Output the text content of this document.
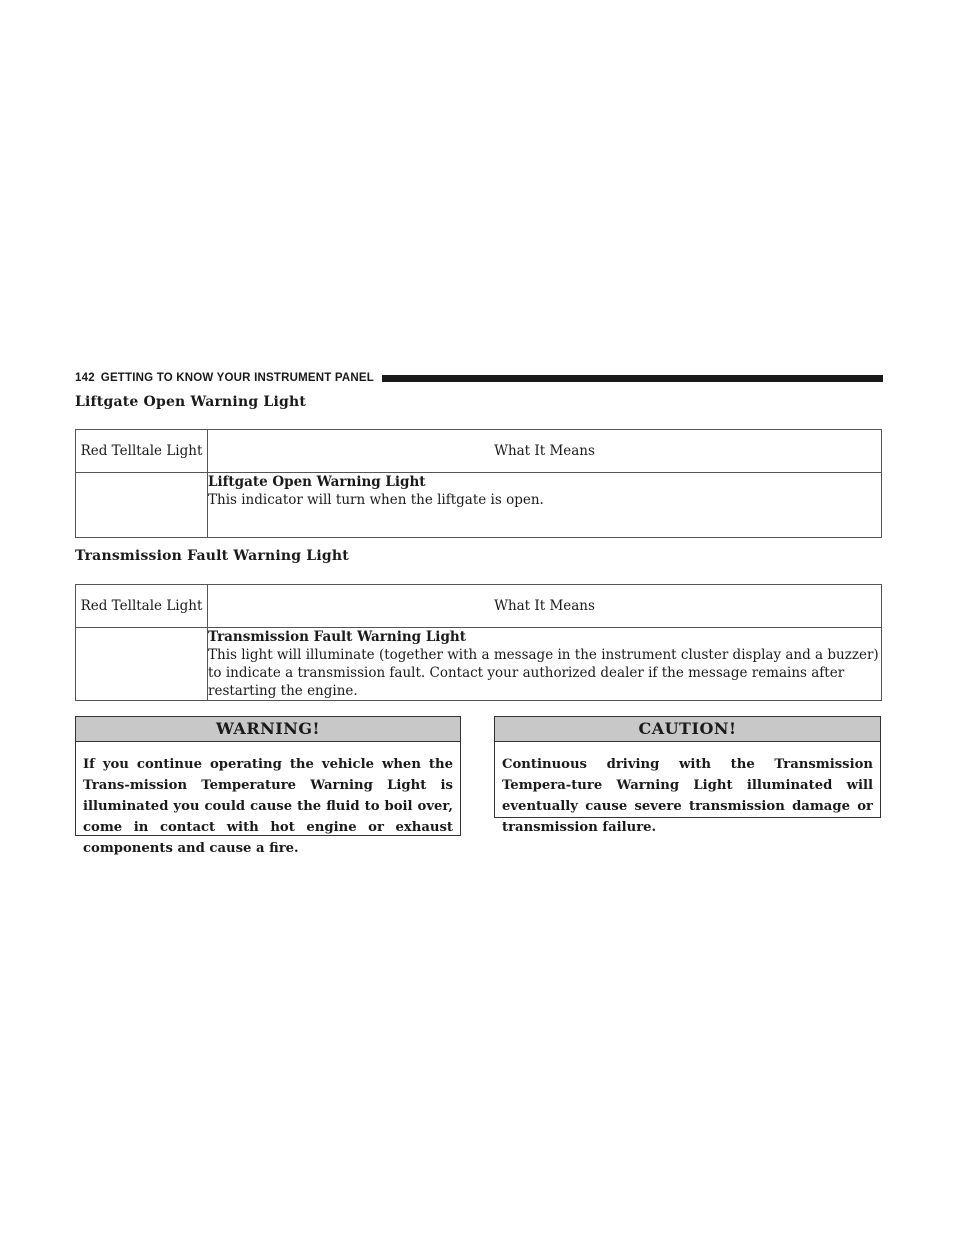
142 GETTING TO KNOW YOUR INSTRUMENT PANEL
Liftgate Open Warning Light
Red Telltale Light	What It Means

	Liftgate Open Warning Light
This indicator will turn when the liftgate is open.
Transmission Fault Warning Light
Red Telltale Light	What It Means

	Transmission Fault Warning Light
This light will illuminate (together with a message in the instrument cluster display and a buzzer) to indicate a transmission fault. Contact your authorized dealer if the message remains after restarting the engine.
WARNING!
If you continue operating the vehicle when the Trans-mission Temperature Warning Light is illuminated you could cause the fluid to boil over, come in contact with hot engine or exhaust components and cause a fire.
CAUTION!
Continuous driving with the Transmission Tempera-ture Warning Light illuminated will eventually cause severe transmission damage or transmission failure.
